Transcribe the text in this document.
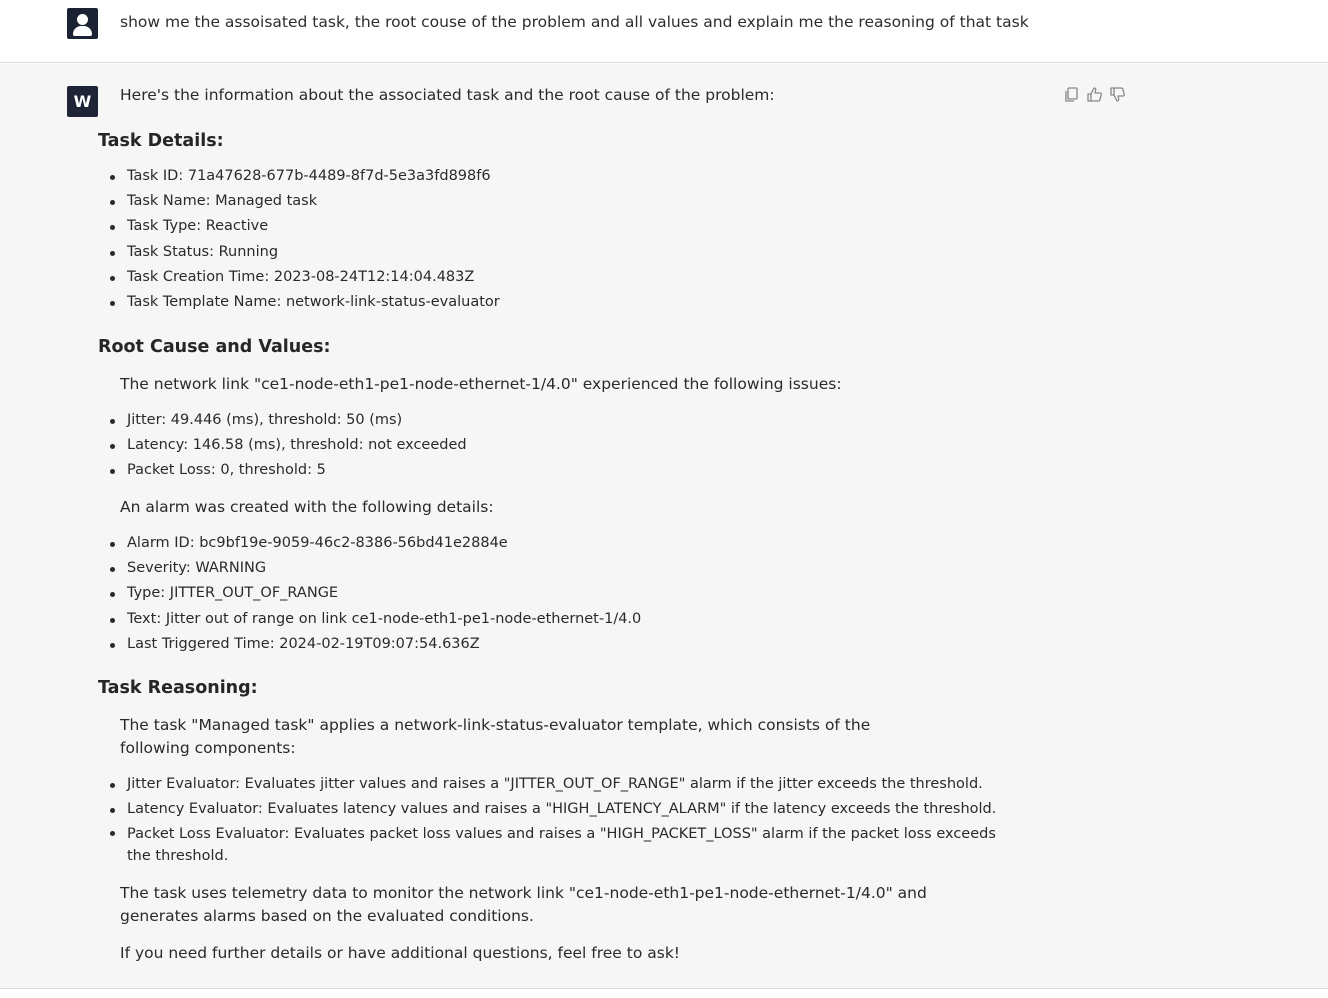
show me the assoisated task, the root couse of the problem and all values and explain me the reasoning of that task
W	Here's the information about the associated task and the root cause of the problem:
Task Details:
Task ID: 71a47628-677b-4489-8f7d-5e3a3fd898f6
Task Name: Managed task
Task Type: Reactive
Task Status: Running
Task Creation Time: 2023-08-24T12:14:04.483Z
Task Template Name: network-link-status-evaluator
Root Cause and Values:
The network link "ce1-node-eth1-pe1-node-ethernet-1/4.0" experienced the following issues:
Jitter: 49.446 (ms), threshold: 50 (ms)
Latency: 146.58 (ms), threshold: not exceeded
Packet Loss: 0, threshold: 5
An alarm was created with the following details:
Alarm ID: bc9bf19e-9059-46c2-8386-56bd41e2884e
Severity: WARNING
Type: JITTER_OUT_OF_RANGE
Text: Jitter out of range on link ce1-node-eth1-pe1-node-ethernet-1/4.0
Last Triggered Time: 2024-02-19T09:07:54.636Z
Task Reasoning:
The task "Managed task" applies a network-link-status-evaluator template, which consists of the following components:
Jitter Evaluator: Evaluates jitter values and raises a "JITTER_OUT_OF_RANGE" alarm if the jitter exceeds the threshold.
Latency Evaluator: Evaluates latency values and raises a "HIGH_LATENCY_ALARM" if the latency exceeds the threshold.
Packet Loss Evaluator: Evaluates packet loss values and raises a "HIGH_PACKET_LOSS" alarm if the packet loss exceeds the threshold.
The task uses telemetry data to monitor the network link "ce1-node-eth1-pe1-node-ethernet-1/4.0" and generates alarms based on the evaluated conditions.
If you need further details or have additional questions, feel free to ask!
